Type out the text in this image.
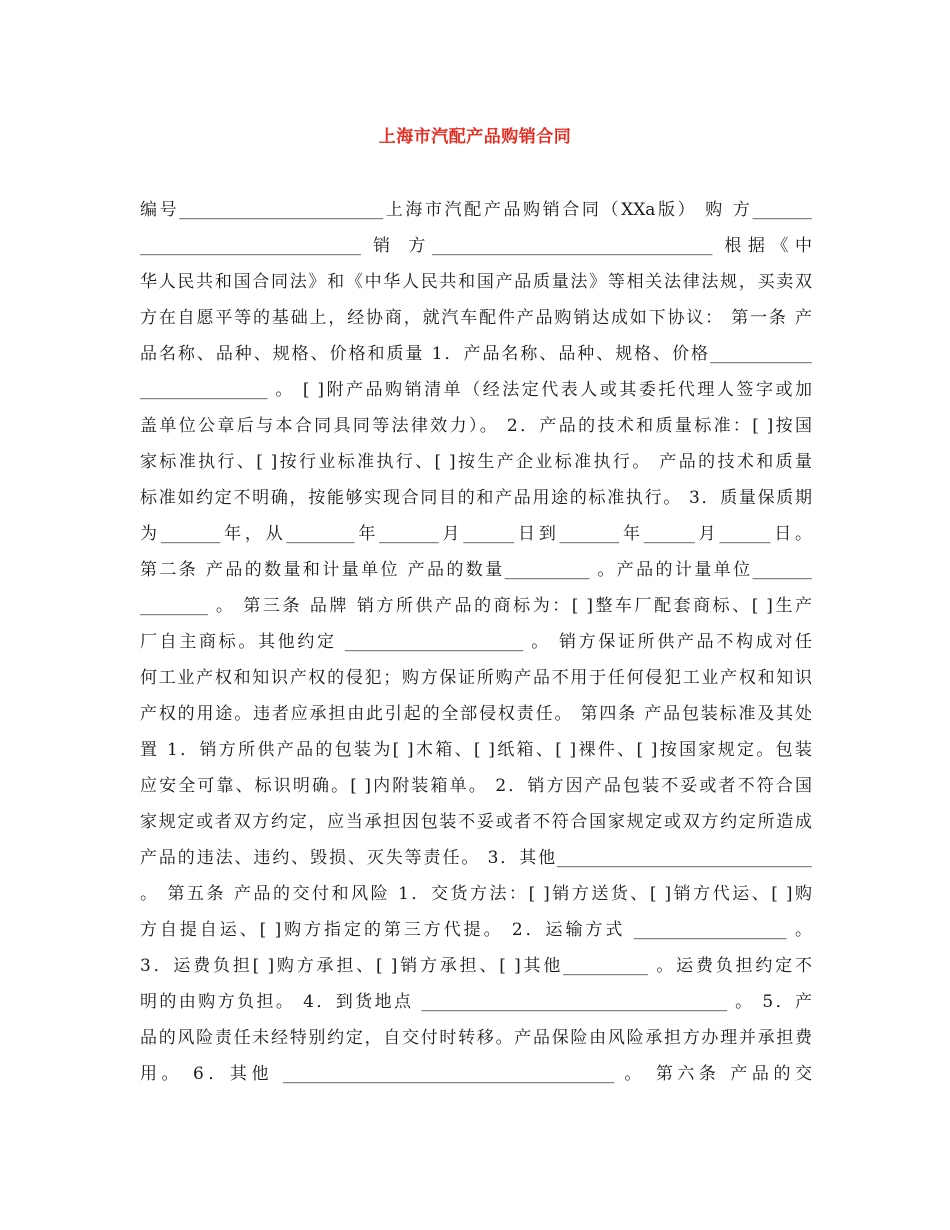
上海市汽配产品购销合同
编号________________________上海市汽配产品购销合同（XXa版） 购 方_______
__________________________ 销 方_________________________________ 根据《中
华人民共和国合同法》和《中华人民共和国产品质量法》等相关法律法规，买卖双
方在自愿平等的基础上，经协商，就汽车配件产品购销达成如下协议： 第一条 产
品名称、品种、规格、价格和质量 1．产品名称、品种、规格、价格____________
_______________ 。 [ ]附产品购销清单（经法定代表人或其委托代理人签字或加
盖单位公章后与本合同具同等法律效力）。 2．产品的技术和质量标准：[ ]按国
家标准执行、[ ]按行业标准执行、[ ]按生产企业标准执行。 产品的技术和质量
标准如约定不明确，按能够实现合同目的和产品用途的标准执行。 3．质量保质期
为_______年，从________年_______月______日到_______年______月______日。
第二条 产品的数量和计量单位 产品的数量__________ 。产品的计量单位_______
________ 。 第三条 品牌 销方所供产品的商标为：[ ]整车厂配套商标、[ ]生产
厂自主商标。其他约定 _____________________ 。 销方保证所供产品不构成对任
何工业产权和知识产权的侵犯；购方保证所购产品不用于任何侵犯工业产权和知识
产权的用途。违者应承担由此引起的全部侵权责任。 第四条 产品包装标准及其处
置 1．销方所供产品的包装为[ ]木箱、[ ]纸箱、[ ]裸件、[ ]按国家规定。包装
应安全可靠、标识明确。[ ]内附装箱单。 2．销方因产品包装不妥或者不符合国
家规定或者双方约定，应当承担因包装不妥或者不符合国家规定或双方约定所造成
产品的违法、违约、毁损、灭失等责任。 3．其他______________________________
。 第五条 产品的交付和风险 1．交货方法：[ ]销方送货、[ ]销方代运、[ ]购
方自提自运、[ ]购方指定的第三方代提。 2．运输方式 __________________ 。
3．运费负担[ ]购方承担、[ ]销方承担、[ ]其他__________ 。运费负担约定不
明的由购方负担。 4．到货地点 ____________________________________ 。 5．产
品的风险责任未经特别约定，自交付时转移。产品保险由风险承担方办理并承担费
用。 6．其他 _______________________________________ 。 第六条 产品的交
